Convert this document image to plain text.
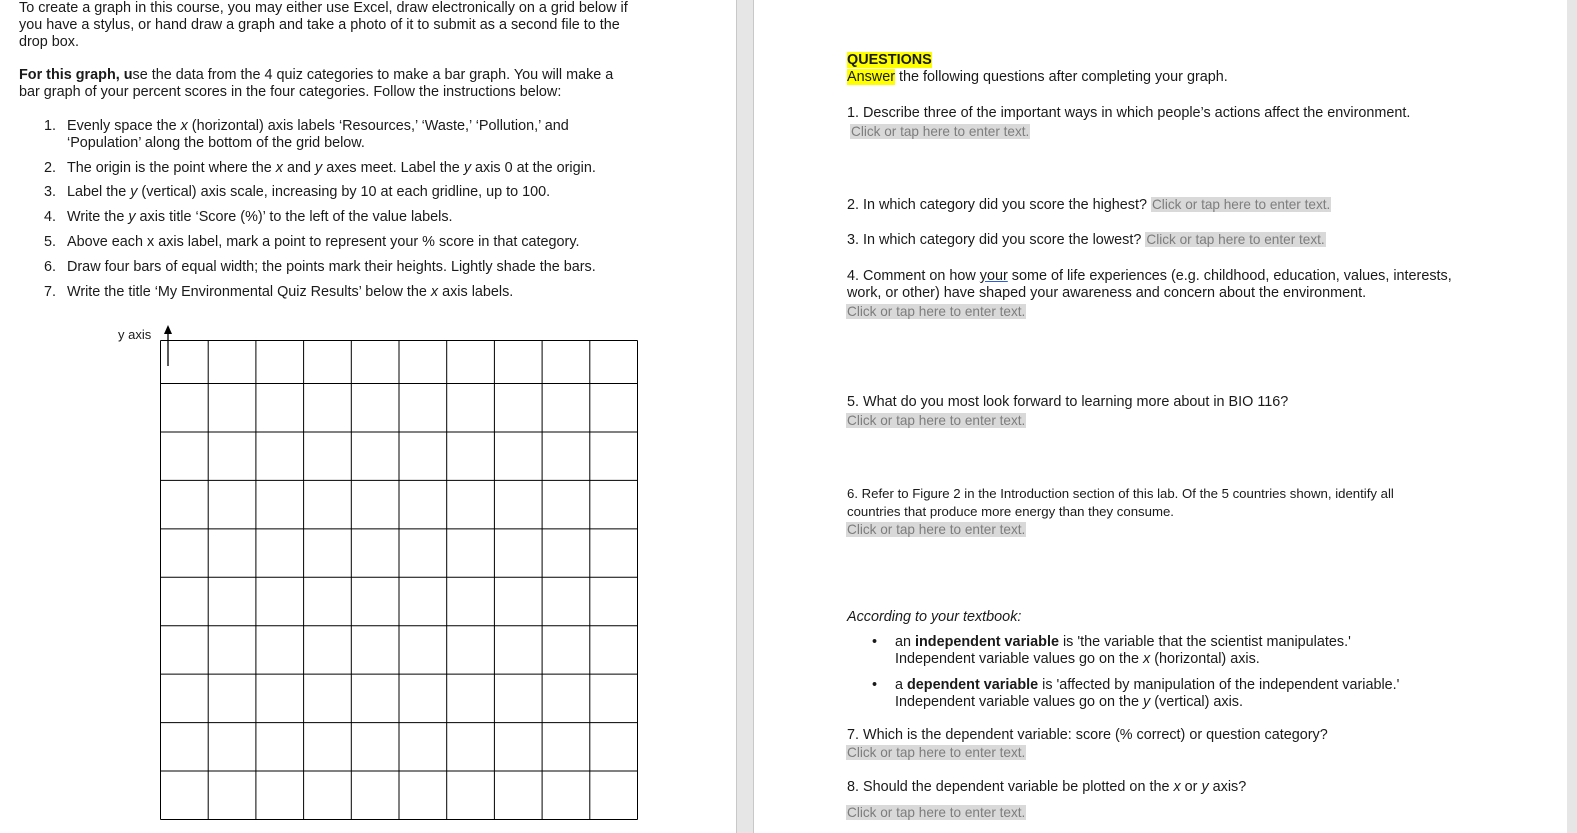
To create a graph in this course, you may either use Excel, draw electronically on a grid below if
you have a stylus, or hand draw a graph and take a photo of it to submit as a second file to the
drop box.
For this graph, use the data from the 4 quiz categories to make a bar graph. You will make a
bar graph of your percent scores in the four categories. Follow the instructions below:
1. Evenly space the x (horizontal) axis labels ‘Resources,’ ‘Waste,’ ‘Pollution,’ and
‘Population’ along the bottom of the grid below.
2. The origin is the point where the x and y axes meet. Label the y axis 0 at the origin.
3. Label the y (vertical) axis scale, increasing by 10 at each gridline, up to 100.
4. Write the y axis title ‘Score (%)’ to the left of the value labels.
5. Above each x axis label, mark a point to represent your % score in that category.
6. Draw four bars of equal width; the points mark their heights. Lightly shade the bars.
7. Write the title ‘My Environmental Quiz Results’ below the x axis labels.
y axis
QUESTIONS
Answer the following questions after completing your graph.
1. Describe three of the important ways in which people’s actions affect the environment.
Click or tap here to enter text.
2. In which category did you score the highest? Click or tap here to enter text.
3. In which category did you score the lowest? Click or tap here to enter text.
4. Comment on how your some of life experiences (e.g. childhood, education, values, interests,
work, or other) have shaped your awareness and concern about the environment.
Click or tap here to enter text.
5. What do you most look forward to learning more about in BIO 116?
Click or tap here to enter text.
6. Refer to Figure 2 in the Introduction section of this lab. Of the 5 countries shown, identify all
countries that produce more energy than they consume.
Click or tap here to enter text.
According to your textbook:
• an independent variable is 'the variable that the scientist manipulates.'
Independent variable values go on the x (horizontal) axis.
• a dependent variable is 'affected by manipulation of the independent variable.'
Independent variable values go on the y (vertical) axis.
7. Which is the dependent variable: score (% correct) or question category?
Click or tap here to enter text.
8. Should the dependent variable be plotted on the x or y axis?
Click or tap here to enter text.
